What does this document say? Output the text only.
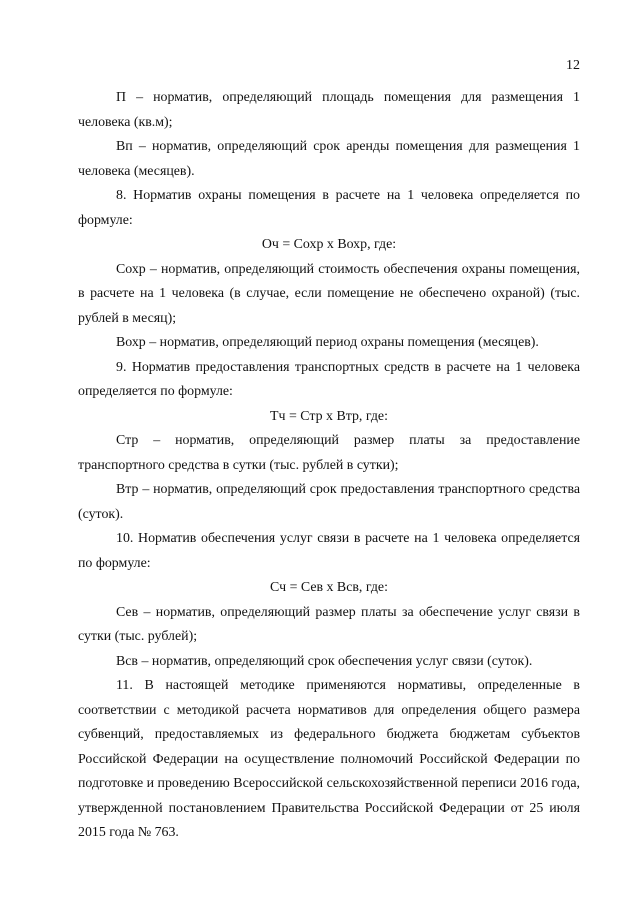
12

П – норматив, определяющий площадь помещения для размещения 1 человека (кв.м);

Вп – норматив, определяющий срок аренды помещения для размещения 1 человека (месяцев).

8. Норматив охраны помещения в расчете на 1 человека определяется по формуле:

Оч = Сохр х Вохр, где:

Сохр – норматив, определяющий стоимость обеспечения охраны помещения, в расчете на 1 человека (в случае, если помещение не обеспечено охраной) (тыс. рублей в месяц);

Вохр – норматив, определяющий период охраны помещения (месяцев).

9. Норматив предоставления транспортных средств в расчете на 1 человека определяется по формуле:

Тч = Стр х Втр, где:

Стр – норматив, определяющий размер платы за предоставление транспортного средства в сутки (тыс. рублей в сутки);

Втр – норматив, определяющий срок предоставления транспортного средства (суток).

10. Норматив обеспечения услуг связи в расчете на 1 человека определяется по формуле:

Сч = Сев х Всв, где:

Сев – норматив, определяющий размер платы за обеспечение услуг связи в сутки (тыс. рублей);

Всв – норматив, определяющий срок обеспечения услуг связи (суток).

11. В настоящей методике применяются нормативы, определенные в соответствии с методикой расчета нормативов для определения общего размера субвенций, предоставляемых из федерального бюджета бюджетам субъектов Российской Федерации на осуществление полномочий Российской Федерации по подготовке и проведению Всероссийской сельскохозяйственной переписи 2016 года, утвержденной постановлением Правительства Российской Федерации от 25 июля 2015 года № 763.
